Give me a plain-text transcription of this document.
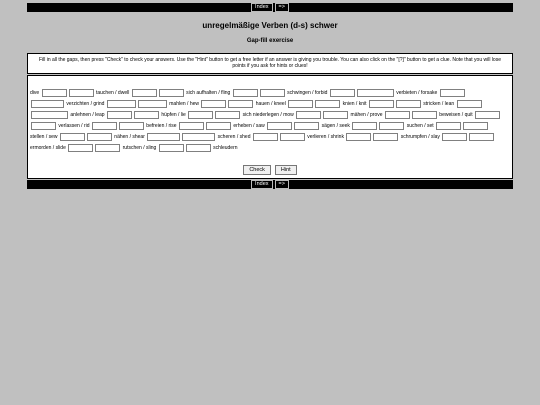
Index =>
unregelmäßige Verben (d-s) schwer
Gap-fill exercise
Fill in all the gaps, then press "Check" to check your answers. Use the "Hint" button to get a free letter if an answer is giving you trouble. You can also click on the "[?]" button to get a clue. Note that you will lose points if you ask for hints or clues!
dive	tauchen / dwell	sich aufhalten / fling	schwingen / forbid	verbieten / forsake
verzichten / grind	mahlen / hew	hauen / kneel	knien / knit	stricken / lean
anlehnen / leap	hüpfen / lie	sich niederlegen / mow	mähen / prove	beweisen / quit
verlassen / rid	befreien / rise	erheben / saw	sägen / seek	suchen / set
stellen / sew	nähen / shear	scheren / shed	verlieren / shrink	schrumpfen / slay
ermorden / slide	rutschen / sling	schleudern
Check	Hint
Index =>
